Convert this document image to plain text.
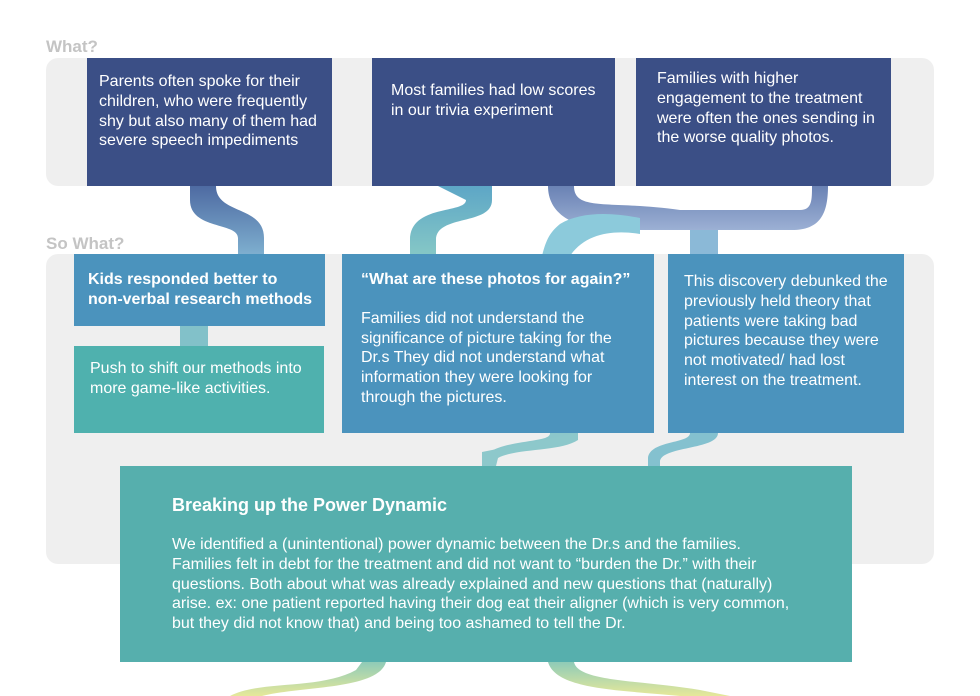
What?
So What?
Parents often spoke for their children, who were frequently shy but also many of them had severe speech impediments
Most families had low scores in our trivia experiment
Families with higher engagement to the treatment were often the ones sending in the worse quality photos.
Kids responded better to non-verbal research methods
Push to shift our methods into more game-like activities.
“What are these photos for again?”
Families did not understand the significance of picture taking for the Dr.s They did not understand what information they were looking for through the pictures.
This discovery debunked the previously held theory that patients were taking bad pictures because they were not motivated/ had lost interest on the treatment.
Breaking up the Power Dynamic
We identified a (unintentional) power dynamic between the Dr.s and the families. Families felt in debt for the treatment and did not want to “burden the Dr.” with their questions. Both about what was already explained and new questions that (naturally) arise. ex: one patient reported having their dog eat their aligner (which is very common, but they did not know that) and being too ashamed to tell the Dr.
